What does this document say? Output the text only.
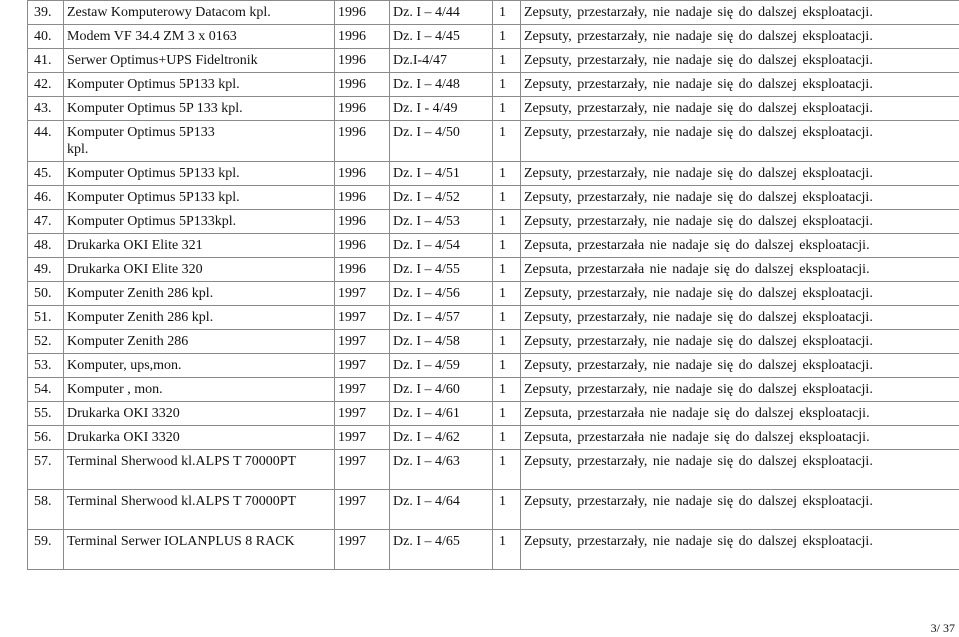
39.	Zestaw Komputerowy Datacom kpl.	1996	Dz. I – 4/44	1	Zepsuty, przestarzały, nie nadaje się do dalszej eksploatacji.
40.	Modem VF 34.4 ZM 3 x 0163	1996	Dz. I – 4/45	1	Zepsuty, przestarzały, nie nadaje się do dalszej eksploatacji.
41.	Serwer Optimus+UPS Fideltronik	1996	Dz.I-4/47	1	Zepsuty, przestarzały, nie nadaje się do dalszej eksploatacji.
42.	Komputer Optimus 5P133 kpl.	1996	Dz. I – 4/48	1	Zepsuty, przestarzały, nie nadaje się do dalszej eksploatacji.
43.	Komputer Optimus 5P 133 kpl.	1996	Dz. I - 4/49	1	Zepsuty, przestarzały, nie nadaje się do dalszej eksploatacji.
44.	Komputer Optimus 5P133 kpl.	1996	Dz. I – 4/50	1	Zepsuty, przestarzały, nie nadaje się do dalszej eksploatacji.
45.	Komputer Optimus 5P133 kpl.	1996	Dz. I – 4/51	1	Zepsuty, przestarzały, nie nadaje się do dalszej eksploatacji.
46.	Komputer Optimus 5P133 kpl.	1996	Dz. I – 4/52	1	Zepsuty, przestarzały, nie nadaje się do dalszej eksploatacji.
47.	Komputer Optimus 5P133kpl.	1996	Dz. I – 4/53	1	Zepsuty, przestarzały, nie nadaje się do dalszej eksploatacji.
48.	Drukarka OKI Elite 321	1996	Dz. I – 4/54	1	Zepsuta, przestarzała nie nadaje się do dalszej eksploatacji.
49.	Drukarka OKI Elite 320	1996	Dz. I – 4/55	1	Zepsuta, przestarzała nie nadaje się do dalszej eksploatacji.
50.	Komputer Zenith 286 kpl.	1997	Dz. I – 4/56	1	Zepsuty, przestarzały, nie nadaje się do dalszej eksploatacji.
51.	Komputer Zenith 286 kpl.	1997	Dz. I – 4/57	1	Zepsuty, przestarzały, nie nadaje się do dalszej eksploatacji.
52.	Komputer Zenith 286	1997	Dz. I – 4/58	1	Zepsuty, przestarzały, nie nadaje się do dalszej eksploatacji.
53.	Komputer, ups,mon.	1997	Dz. I – 4/59	1	Zepsuty, przestarzały, nie nadaje się do dalszej eksploatacji.
54.	Komputer , mon.	1997	Dz. I – 4/60	1	Zepsuty, przestarzały, nie nadaje się do dalszej eksploatacji.
55.	Drukarka OKI 3320	1997	Dz. I – 4/61	1	Zepsuta, przestarzała nie nadaje się do dalszej eksploatacji.
56.	Drukarka OKI 3320	1997	Dz. I – 4/62	1	Zepsuta, przestarzała nie nadaje się do dalszej eksploatacji.
57.	Terminal Sherwood kl.ALPS T 70000PT	1997	Dz. I – 4/63	1	Zepsuty, przestarzały, nie nadaje się do dalszej eksploatacji.
58.	Terminal Sherwood kl.ALPS T 70000PT	1997	Dz. I – 4/64	1	Zepsuty, przestarzały, nie nadaje się do dalszej eksploatacji.
59.	Terminal Serwer IOLANPLUS 8 RACK	1997	Dz. I – 4/65	1	Zepsuty, przestarzały, nie nadaje się do dalszej eksploatacji.
3/ 37
